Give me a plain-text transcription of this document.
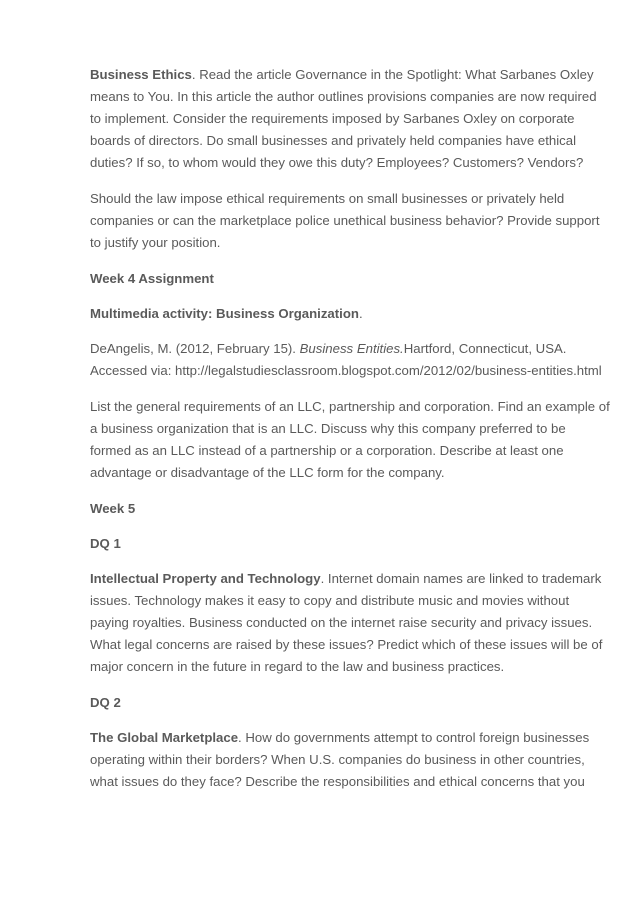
Business Ethics. Read the article Governance in the Spotlight: What Sarbanes Oxley means to You. In this article the author outlines provisions companies are now required to implement. Consider the requirements imposed by Sarbanes Oxley on corporate boards of directors. Do small businesses and privately held companies have ethical duties? If so, to whom would they owe this duty? Employees? Customers? Vendors?

Should the law impose ethical requirements on small businesses or privately held companies or can the marketplace police unethical business behavior? Provide support to justify your position.

Week 4 Assignment

Multimedia activity: Business Organization.

DeAngelis, M. (2012, February 15). Business Entities.Hartford, Connecticut, USA. Accessed via: http://legalstudiesclassroom.blogspot.com/2012/02/business-entities.html

List the general requirements of an LLC, partnership and corporation. Find an example of a business organization that is an LLC. Discuss why this company preferred to be formed as an LLC instead of a partnership or a corporation. Describe at least one advantage or disadvantage of the LLC form for the company.

Week 5

DQ 1

Intellectual Property and Technology. Internet domain names are linked to trademark issues. Technology makes it easy to copy and distribute music and movies without paying royalties. Business conducted on the internet raise security and privacy issues. What legal concerns are raised by these issues? Predict which of these issues will be of major concern in the future in regard to the law and business practices.

DQ 2

The Global Marketplace. How do governments attempt to control foreign businesses operating within their borders? When U.S. companies do business in other countries, what issues do they face? Describe the responsibilities and ethical concerns that you
